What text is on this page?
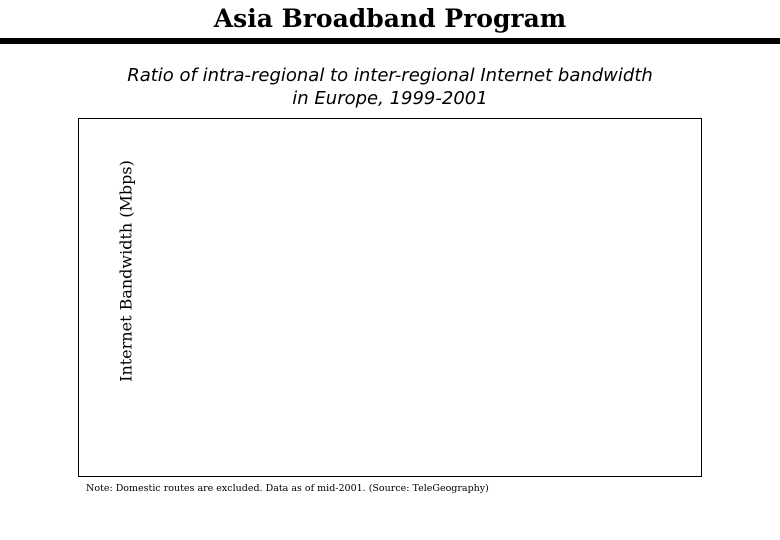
Asia Broadband Program
Ratio of intra-regional to inter-regional Internet bandwidth
in Europe, 1999-2001
Internet Bandwidth (Mbps)
Note: Domestic routes are excluded. Data as of mid-2001. (Source: TeleGeography)
